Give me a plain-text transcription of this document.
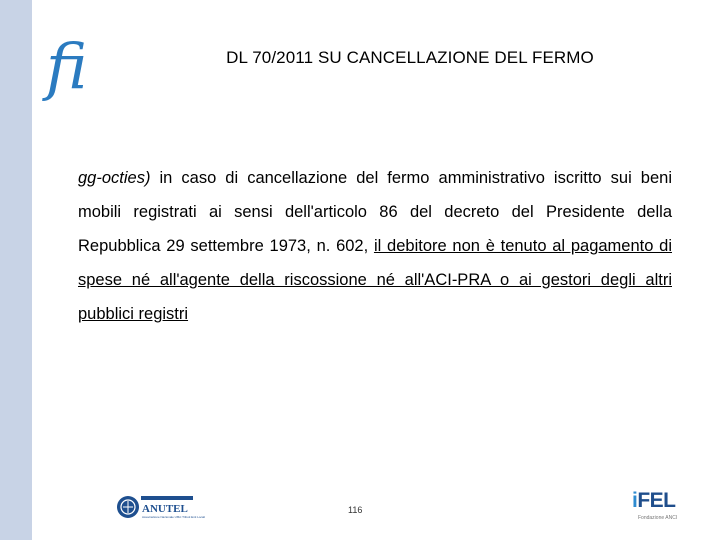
fi	DL 70/2011 SU CANCELLAZIONE DEL FERMO
gg-octies) in caso di cancellazione del fermo amministrativo iscritto sui beni mobili registrati ai sensi dell'articolo 86 del decreto del Presidente della Repubblica 29 settembre 1973, n. 602, il debitore non è tenuto al pagamento di spese né all'agente della riscossione né all'ACI-PRA o ai gestori degli altri pubblici registri
ANUTEL
Associazione Nazionale Uffici Tributi Enti Locali
116	iFEL
Fondazione ANCI
